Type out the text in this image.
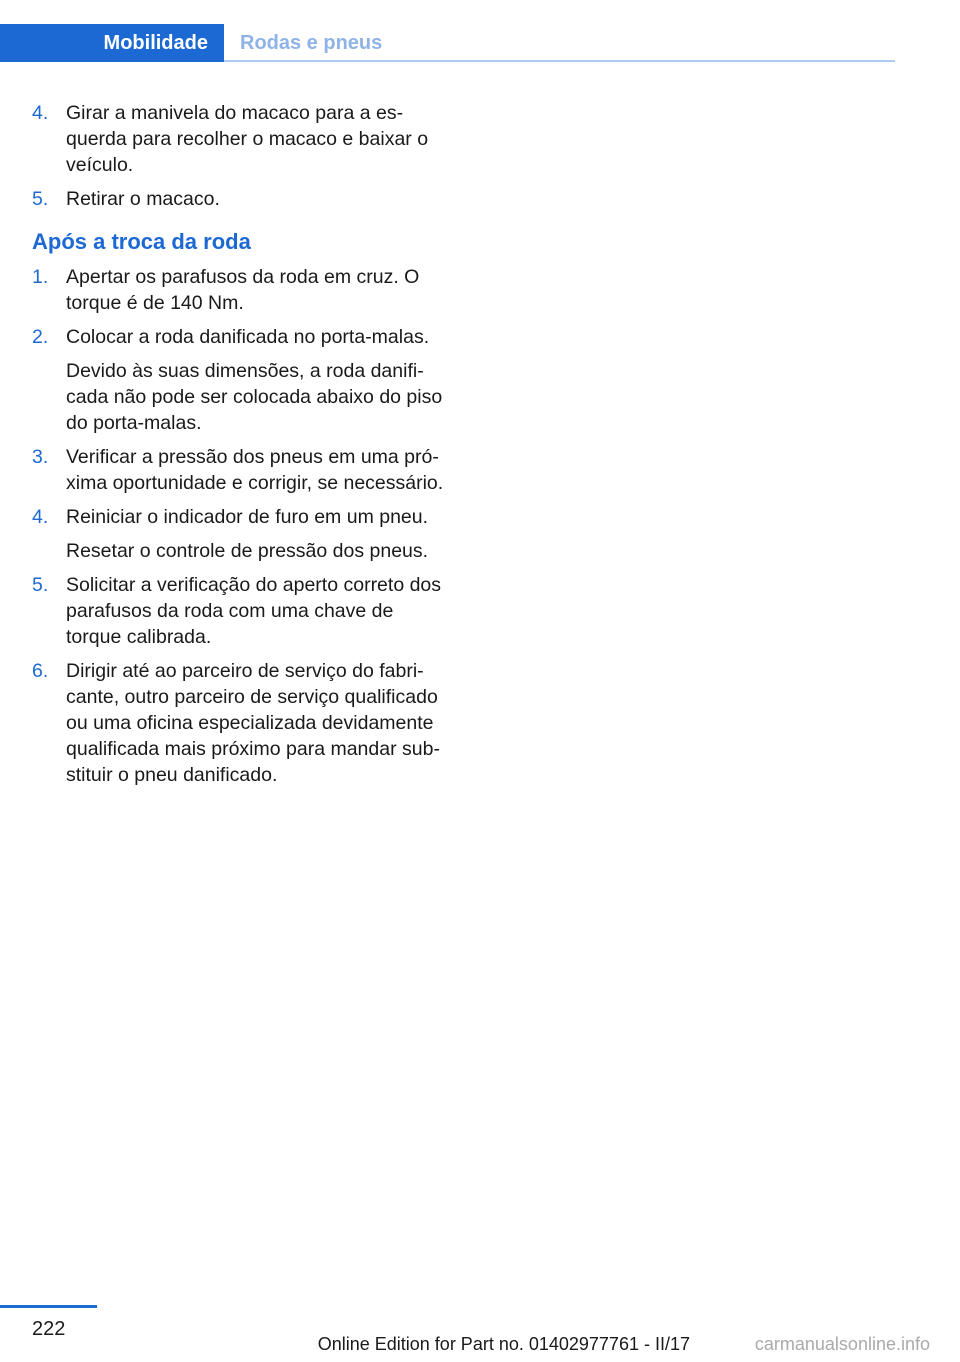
Mobilidade	Rodas e pneus
4. Girar a manivela do macaco para a esquerda para recolher o macaco e baixar o veículo.

5. Retirar o macaco.

Após a troca da roda
1. Apertar os parafusos da roda em cruz. O torque é de 140 Nm.

2. Colocar a roda danificada no porta-malas.

Devido às suas dimensões, a roda danificada não pode ser colocada abaixo do piso do porta-malas.

3. Verificar a pressão dos pneus em uma próxima oportunidade e corrigir, se necessário.

4. Reiniciar o indicador de furo em um pneu.

Resetar o controle de pressão dos pneus.

5. Solicitar a verificação do aperto correto dos parafusos da roda com uma chave de torque calibrada.

6. Dirigir até ao parceiro de serviço do fabricante, outro parceiro de serviço qualificado ou uma oficina especializada devidamente qualificada mais próximo para mandar substituir o pneu danificado.

222
Online Edition for Part no. 01402977761 - II/17	carmanualsonline.info
